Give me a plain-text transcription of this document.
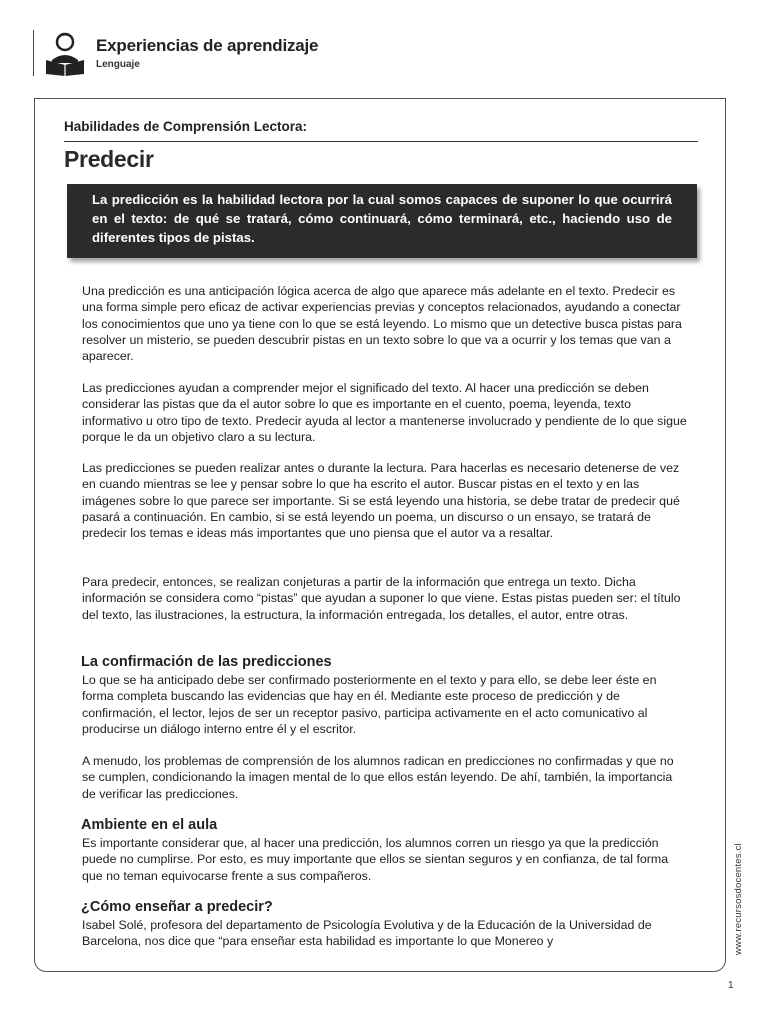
Experiencias de aprendizaje
Lenguaje
Habilidades de Comprensión Lectora:
Predecir

La predicción es la habilidad lectora por la cual somos capaces de suponer lo que ocurrirá en el texto: de qué se tratará, cómo continuará, cómo terminará, etc., haciendo uso de diferentes tipos de pistas.

Una predicción es una anticipación lógica acerca de algo que aparece más adelante en el texto. Predecir es una forma simple pero eficaz de activar experiencias previas y conceptos relacionados, ayudando a conectar los conocimientos que uno ya tiene con lo que se está leyendo. Lo mismo que un detective busca pistas para resolver un misterio, se pueden descubrir pistas en un texto sobre lo que va a ocurrir y los temas que van a aparecer.

Las predicciones ayudan a comprender mejor el significado del texto. Al hacer una predicción se deben considerar las pistas que da el autor sobre lo que es importante en el cuento, poema, leyenda, texto informativo u otro tipo de texto. Predecir ayuda al lector a mantenerse involucrado y pendiente de lo que sigue porque le da un objetivo claro a su lectura.

Las predicciones se pueden realizar antes o durante la lectura. Para hacerlas es necesario detenerse de vez en cuando mientras se lee y pensar sobre lo que ha escrito el autor. Buscar pistas en el texto y en las imágenes sobre lo que parece ser importante. Si se está leyendo una historia, se debe tratar de predecir qué pasará a continuación. En cambio, si se está leyendo un poema, un discurso o un ensayo, se tratará de predecir los temas e ideas más importantes que uno piensa que el autor va a resaltar.

Para predecir, entonces, se realizan conjeturas a partir de la información que entrega un texto. Dicha información se considera como “pistas” que ayudan a suponer lo que viene. Estas pistas pueden ser: el título del texto, las ilustraciones, la estructura, la información entregada, los detalles, el autor, entre otras.

La confirmación de las predicciones

Lo que se ha anticipado debe ser confirmado posteriormente en el texto y para ello, se debe leer éste en forma completa buscando las evidencias que hay en él. Mediante este proceso de predicción y de confirmación, el lector, lejos de ser un receptor pasivo, participa activamente en el acto comunicativo al producirse un diálogo interno entre él y el escritor.

A menudo, los problemas de comprensión de los alumnos radican en predicciones no confirmadas y que no se cumplen, condicionando la imagen mental de lo que ellos están leyendo. De ahí, también, la importancia de verificar las predicciones.

Ambiente en el aula

Es importante considerar que, al hacer una predicción, los alumnos corren un riesgo ya que la predicción puede no cumplirse. Por esto, es muy importante que ellos se sientan seguros y en confianza, de tal forma que no teman equivocarse frente a sus compañeros.

¿Cómo enseñar a predecir?

Isabel Solé, profesora del departamento de Psicología Evolutiva y de la Educación de la Universidad de Barcelona, nos dice que “para enseñar esta habilidad es importante lo que Monereo y	www.recursosdocentes.cl
1
